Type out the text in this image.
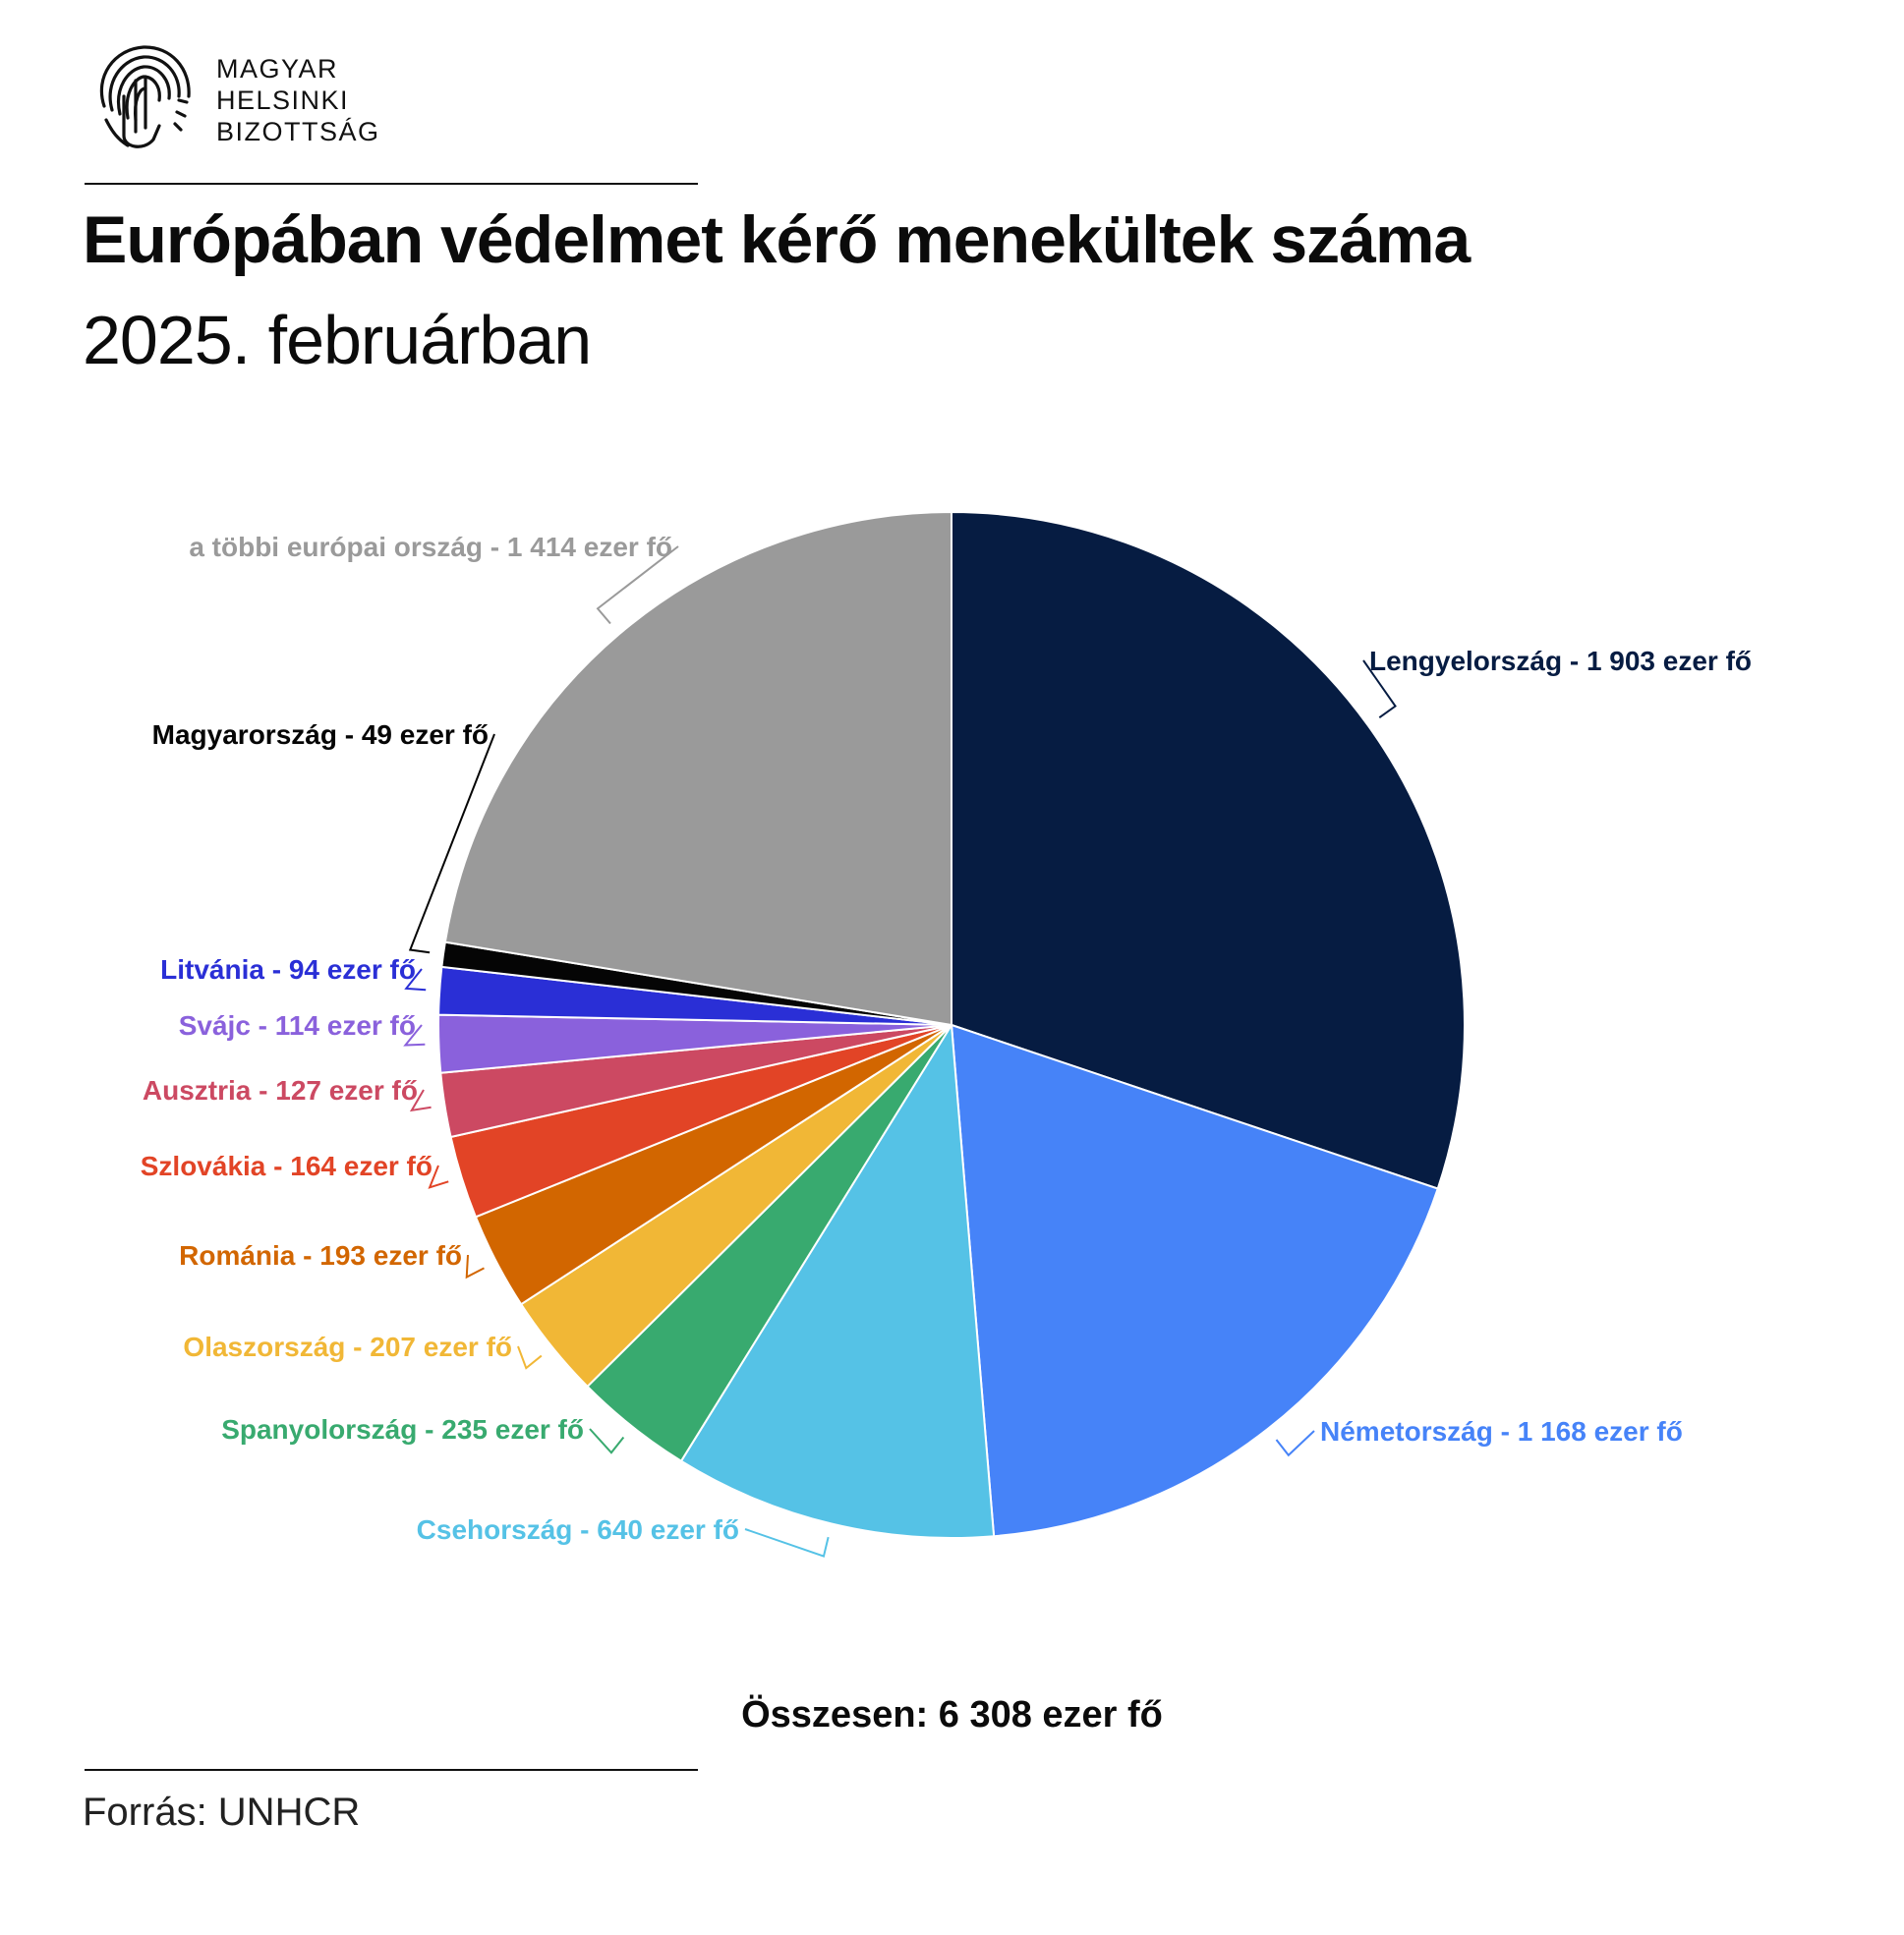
MAGYAR
HELSINKI
BIZOTTSÁG
Európában védelmet kérő menekültek száma
2025. februárban
Lengyelország - 1 903 ezer fő
Németország - 1 168 ezer fő
Csehország - 640 ezer fő
Spanyolország - 235 ezer fő
Olaszország - 207 ezer fő
Románia - 193 ezer fő
Szlovákia - 164 ezer fő
Ausztria - 127 ezer fő
Svájc - 114 ezer fő
Litvánia - 94 ezer fő
Magyarország - 49 ezer fő
a többi európai ország - 1 414 ezer fő
Összesen: 6 308 ezer fő
Forrás: UNHCR
